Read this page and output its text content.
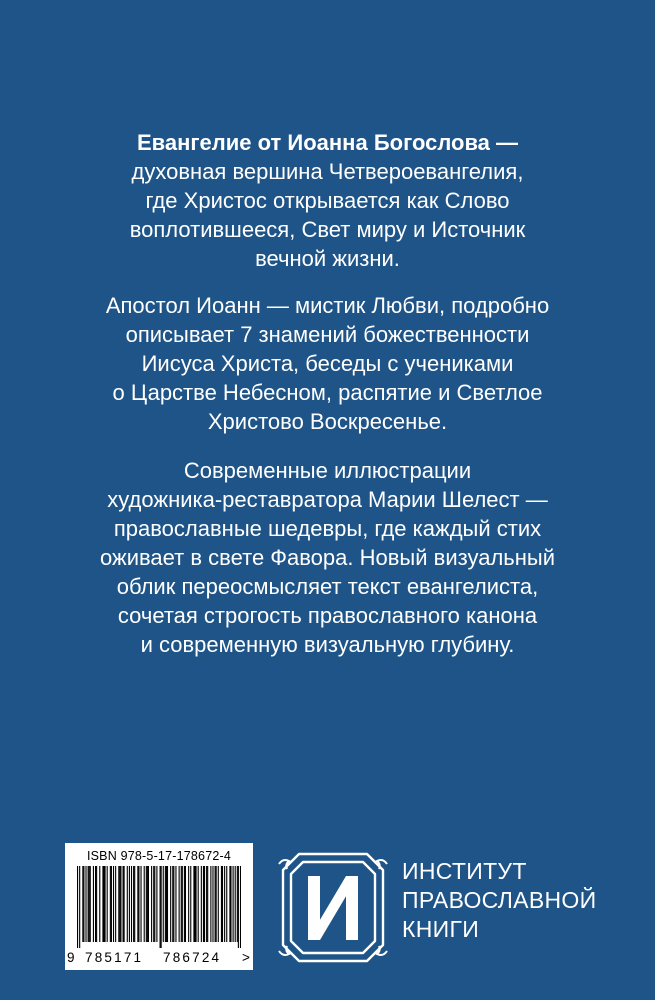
Евангелие от Иоанна Богослова —
духовная вершина Четвероевангелия,
где Христос открывается как Слово
воплотившееся, Свет миру и Источник
вечной жизни.
Апостол Иоанн — мистик Любви, подробно
описывает 7 знамений божественности
Иисуса Христа, беседы с учениками
о Царстве Небесном, распятие и Светлое
Христово Воскресенье.
Современные иллюстрации
художника-реставратора Марии Шелест —
православные шедевры, где каждый стих
оживает в свете Фавора. Новый визуальный
облик переосмысляет текст евангелиста,
сочетая строгость православного канона
и современную визуальную глубину.
ISBN 978-5-17-178672-4
9 785171 786724 >
ИНСТИТУТ
ПРАВОСЛАВНОЙ
КНИГИ
